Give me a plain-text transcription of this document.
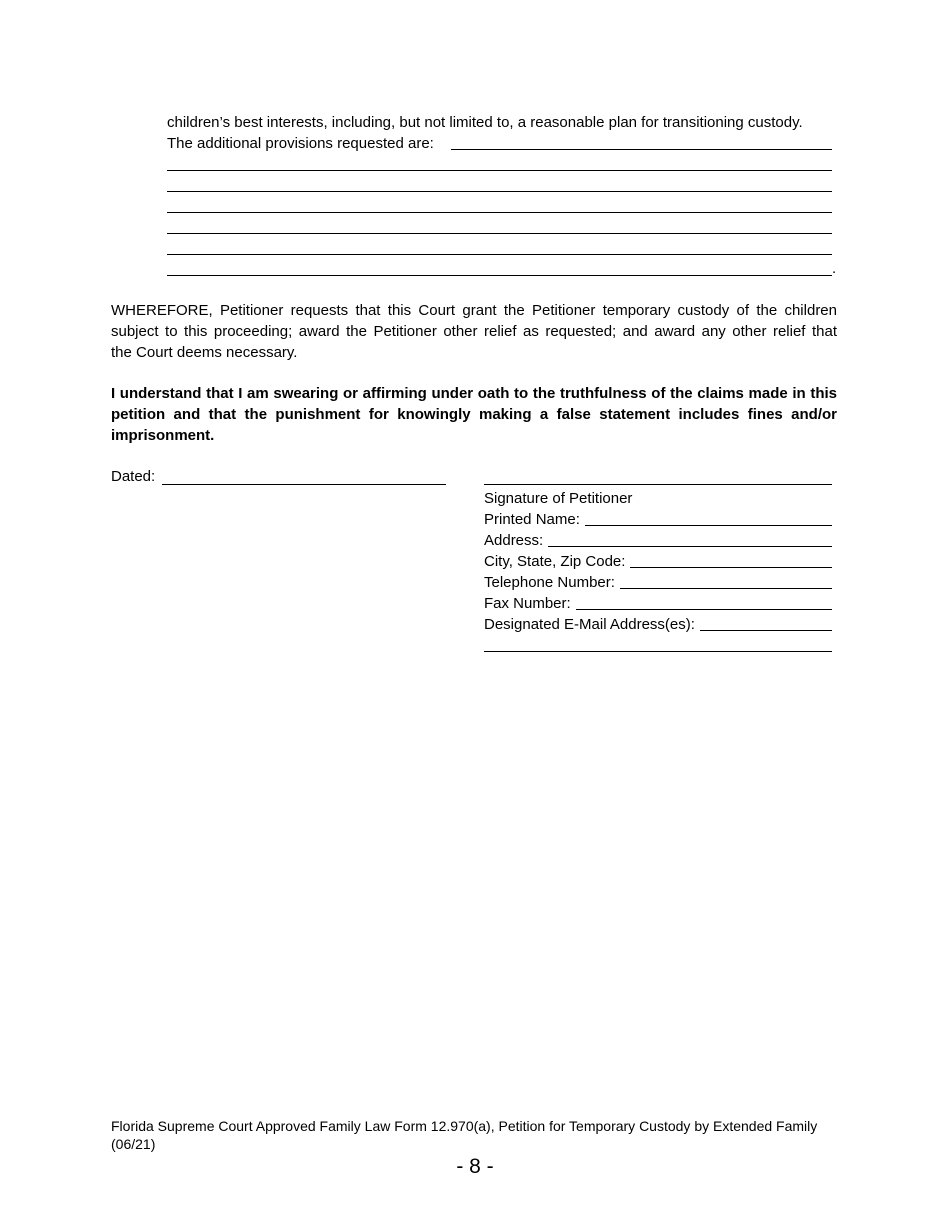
children’s best interests, including, but not limited to, a reasonable plan for transitioning custody.
The additional provisions requested are:
.
WHEREFORE, Petitioner requests that this Court grant the Petitioner temporary custody of the children
subject to this proceeding; award the Petitioner other relief as requested; and award any other relief that
the Court deems necessary.
I understand that I am swearing or affirming under oath to the truthfulness of the claims made in this
petition and that the punishment for knowingly making a false statement includes fines and/or
imprisonment.
Dated:
Signature of Petitioner
Printed Name:
Address:
City, State, Zip Code:
Telephone Number:
Fax Number:
Designated E-Mail Address(es):
Florida Supreme Court Approved Family Law Form 12.970(a), Petition for Temporary Custody by Extended Family
(06/21)
- 8 -
